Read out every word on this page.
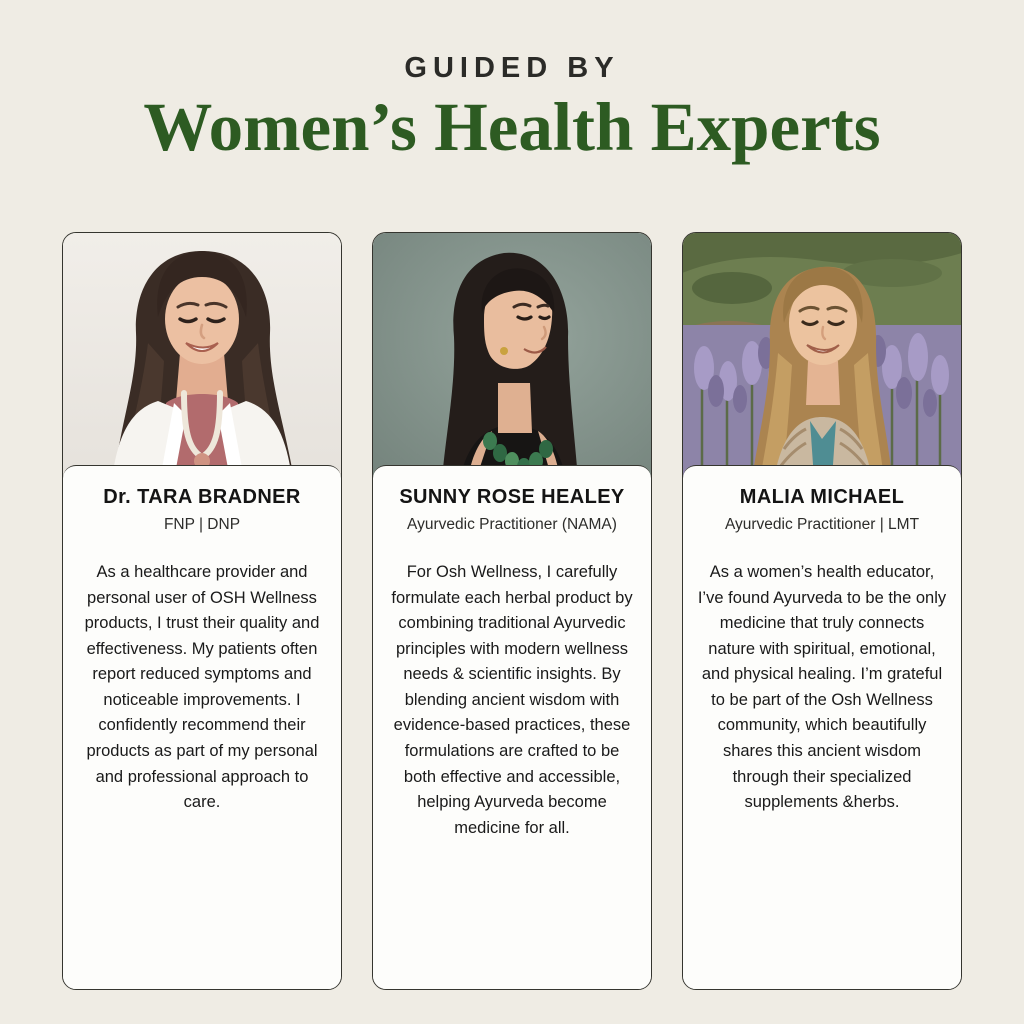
GUIDED BY
Women’s Health Experts
Dr. TARA BRADNER
FNP | DNP
As a healthcare provider and personal user of OSH Wellness products, I trust their quality and effectiveness. My patients often report reduced symptoms and noticeable improvements. I confidently recommend their products as part of my personal and professional approach to care.
SUNNY ROSE HEALEY
Ayurvedic Practitioner (NAMA)
For Osh Wellness, I carefully formulate each herbal product by combining traditional Ayurvedic principles with modern wellness needs & scientific insights. By blending ancient wisdom with evidence-based practices, these formulations are crafted to be both effective and accessible, helping Ayurveda become medicine for all.
MALIA MICHAEL
Ayurvedic Practitioner | LMT
As a women’s health educator, I’ve found Ayurveda to be the only medicine that truly connects nature with spiritual, emotional, and physical healing. I’m grateful to be part of the Osh Wellness community, which beautifully shares this ancient wisdom through their specialized supplements &herbs.
